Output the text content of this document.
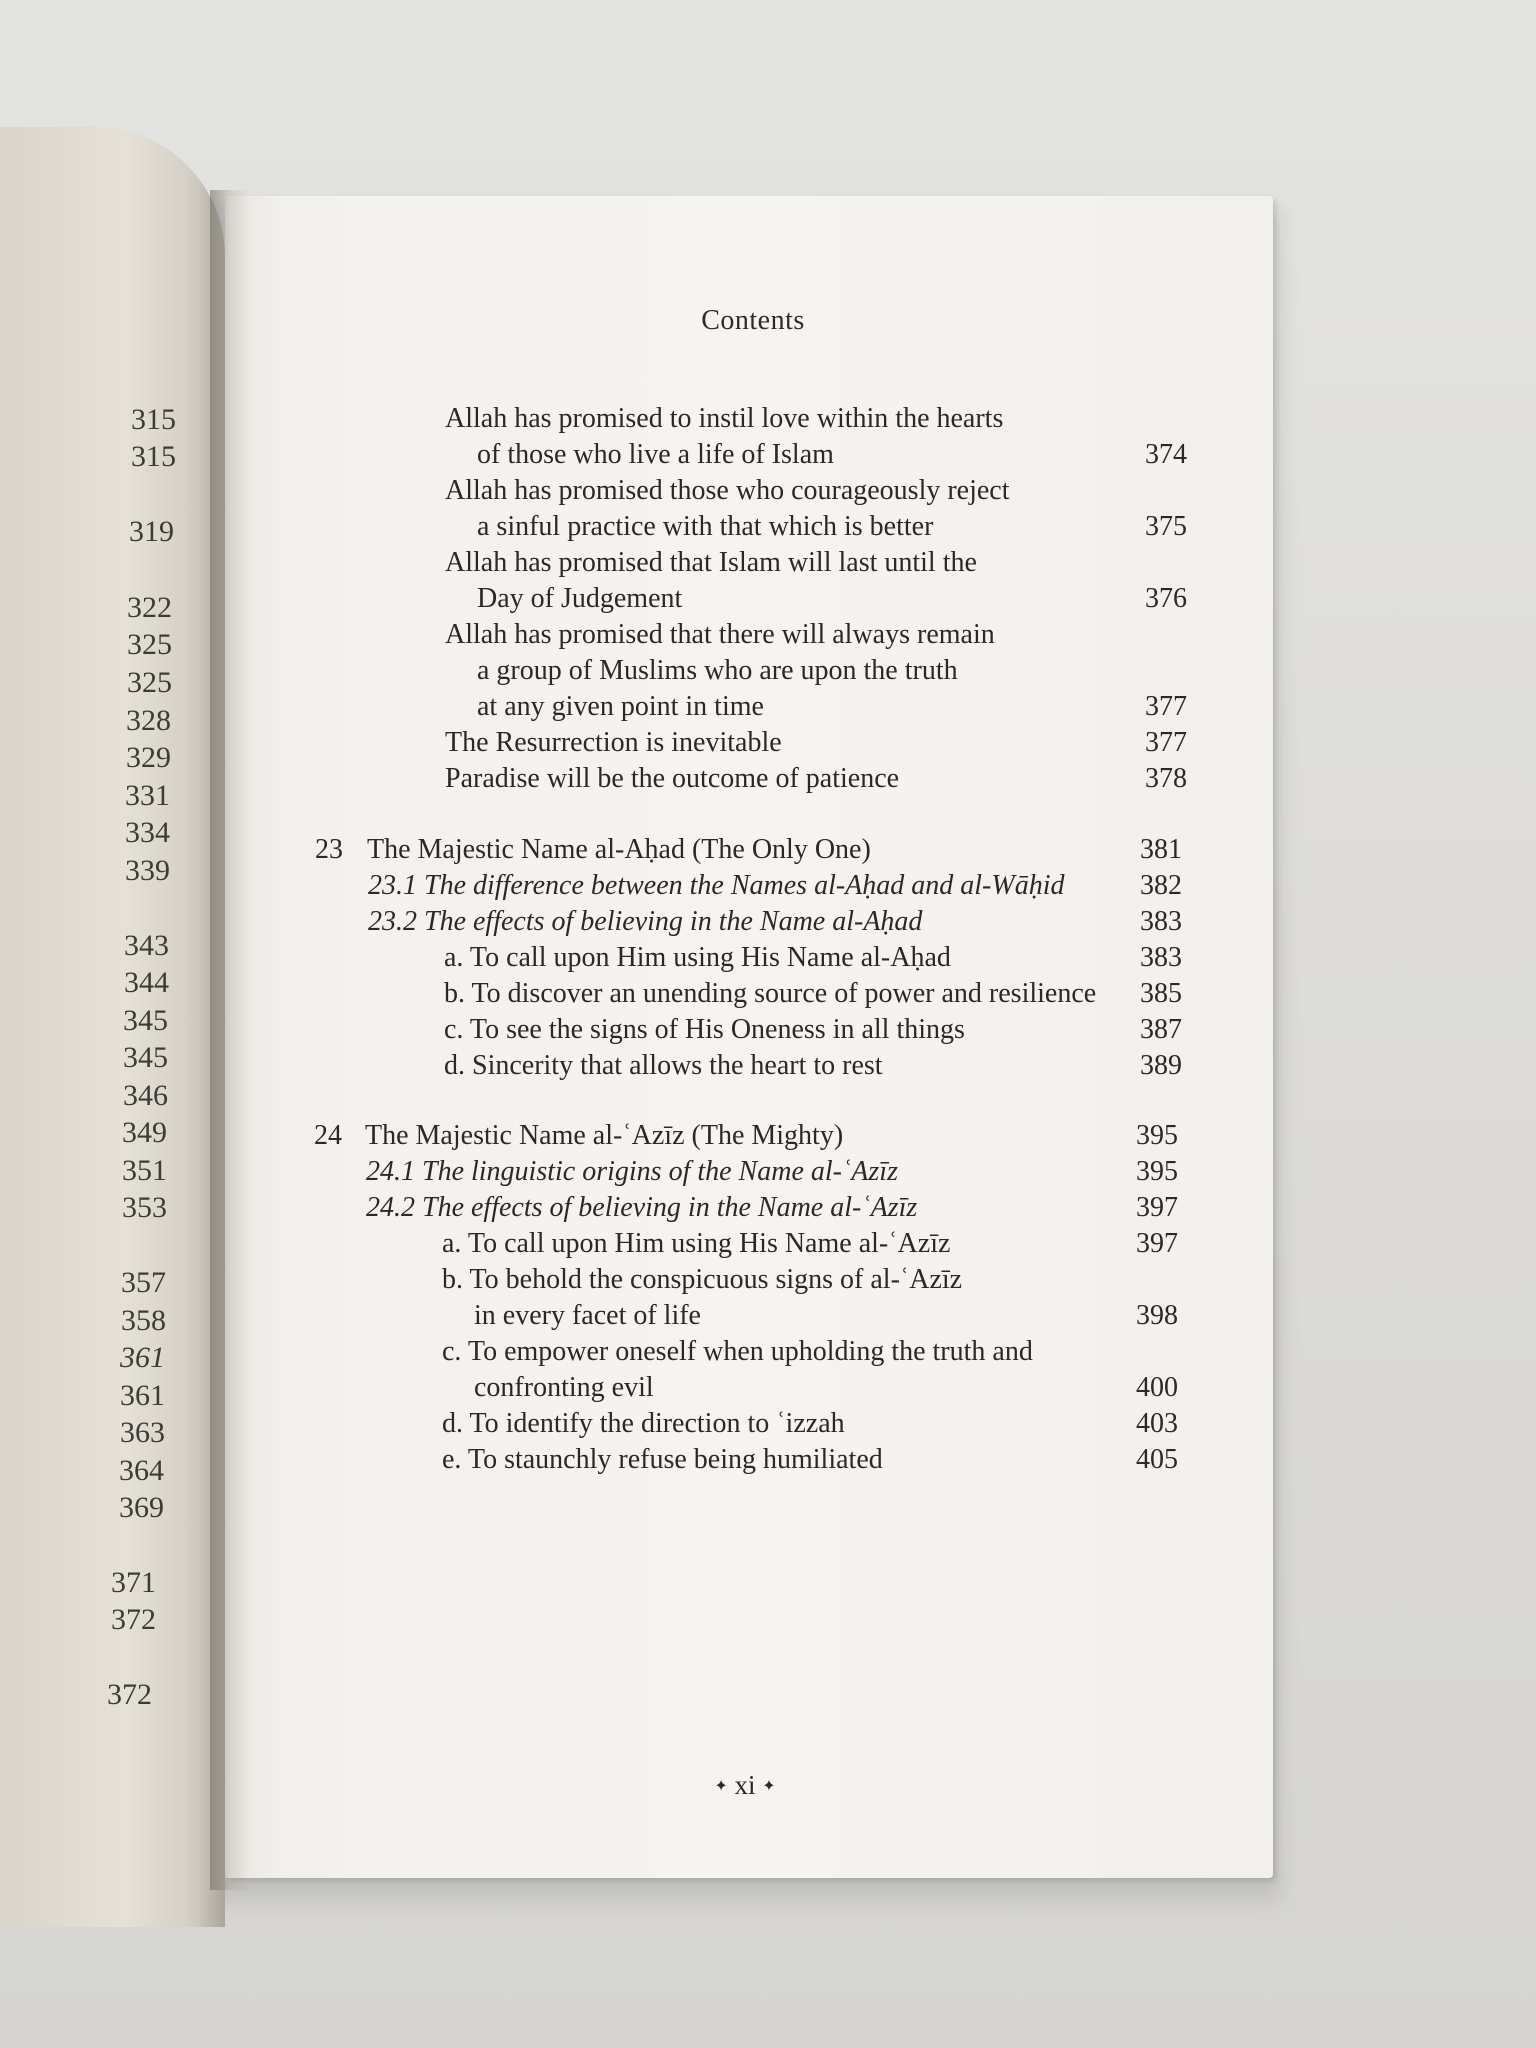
315
315
319
322
325
325
328
329
331
334
339
343
344
345
345
346
349
351
353
357
358
361
361
363
364
369
371
372
372
Contents
Allah has promised to instil love within the hearts
of those who live a life of Islam	374
Allah has promised those who courageously reject
a sinful practice with that which is better	375
Allah has promised that Islam will last until the
Day of Judgement	376
Allah has promised that there will always remain
a group of Muslims who are upon the truth
at any given point in time	377
The Resurrection is inevitable	377
Paradise will be the outcome of patience	378
23 The Majestic Name al-Aḥad (The Only One)	381
23.1 The difference between the Names al-Aḥad and al-Wāḥid	382
23.2 The effects of believing in the Name al-Aḥad	383
a. To call upon Him using His Name al-Aḥad	383
b. To discover an unending source of power and resilience	385
c. To see the signs of His Oneness in all things	387
d. Sincerity that allows the heart to rest	389
24 The Majestic Name al-ʿAzīz (The Mighty)	395
24.1 The linguistic origins of the Name al-ʿAzīz	395
24.2 The effects of believing in the Name al-ʿAzīz	397
a. To call upon Him using His Name al-ʿAzīz	397
b. To behold the conspicuous signs of al-ʿAzīz
in every facet of life	398
c. To empower oneself when upholding the truth and
confronting evil	400
d. To identify the direction to ʿizzah	403
e. To staunchly refuse being humiliated	405
✦ xi ✦
